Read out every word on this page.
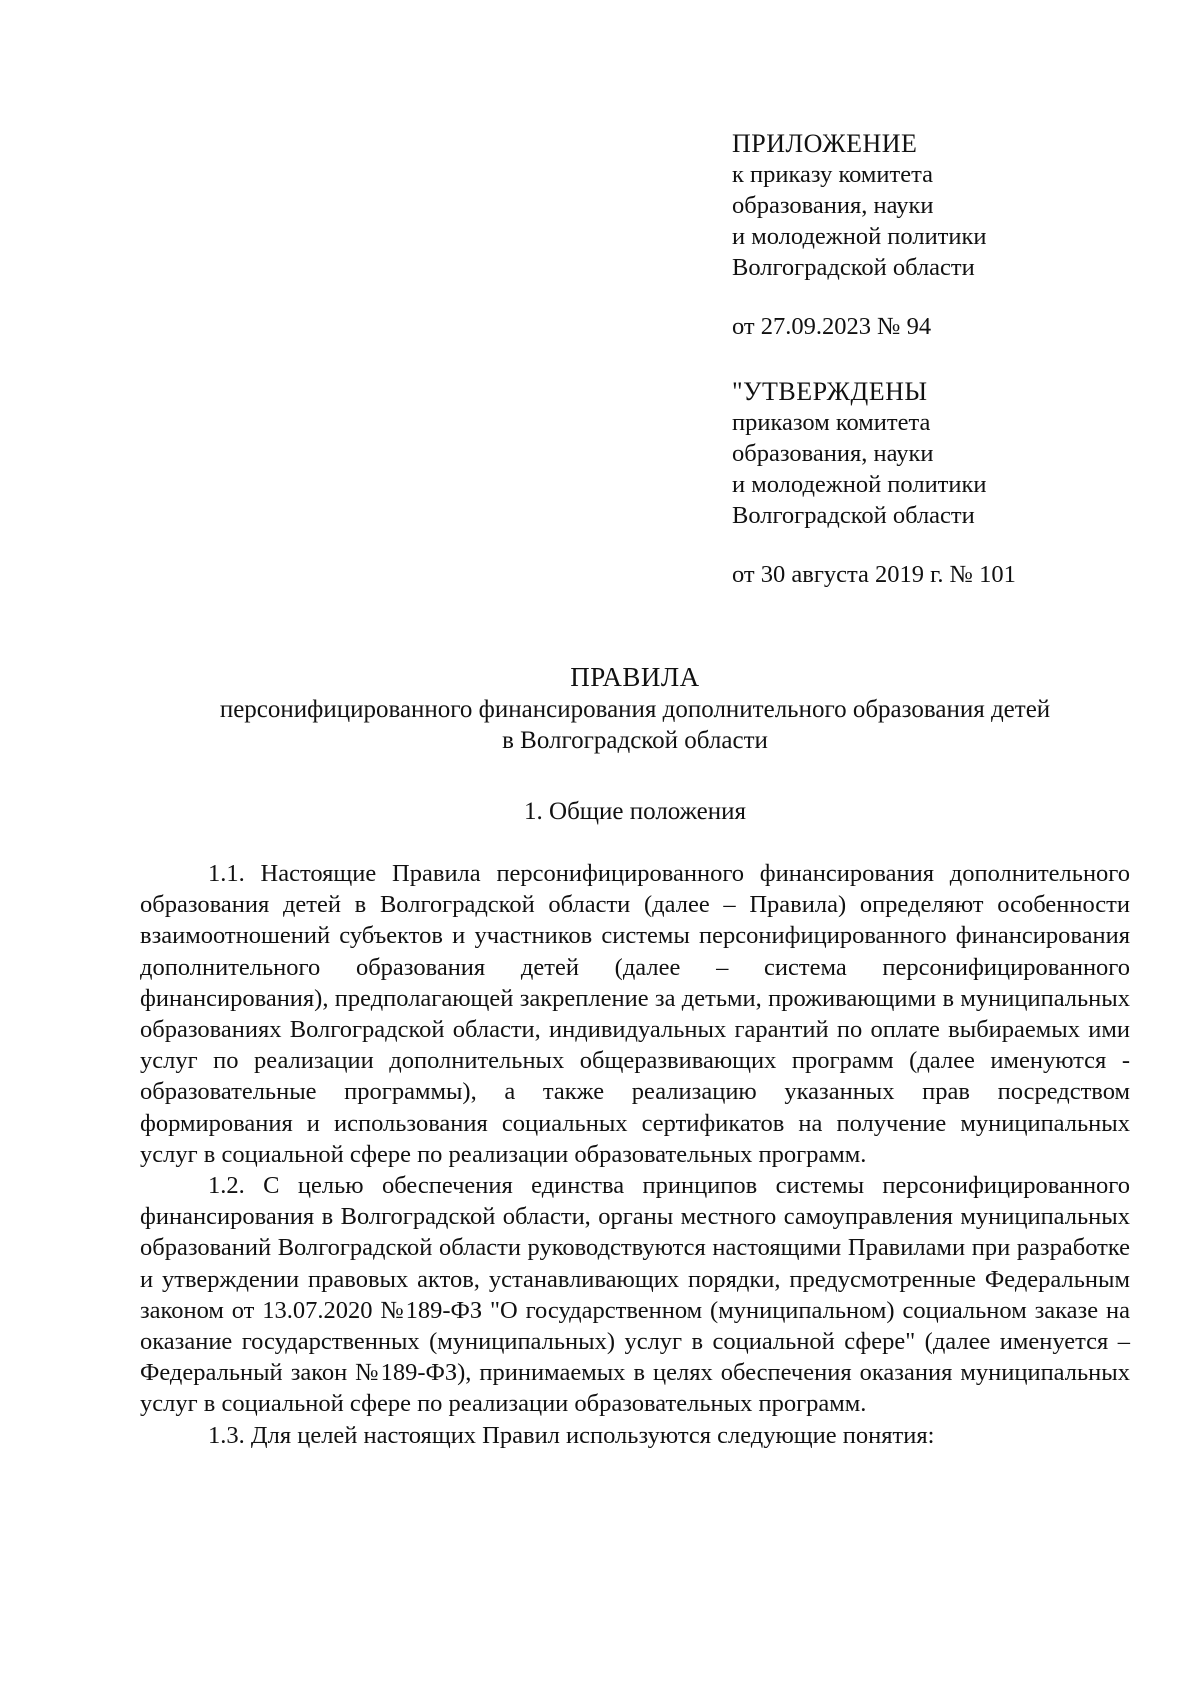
ПРИЛОЖЕНИЕ
к приказу комитета
образования, науки
и молодежной политики
Волгоградской области
от 27.09.2023 № 94
"УТВЕРЖДЕНЫ
приказом комитета
образования, науки
и молодежной политики
Волгоградской области
от 30 августа 2019 г. № 101
ПРАВИЛА
персонифицированного финансирования дополнительного образования детей
в Волгоградской области
1. Общие положения

1.1. Настоящие Правила персонифицированного финансирования дополнительного образования детей в Волгоградской области (далее – Правила) определяют особенности взаимоотношений субъектов и участников системы персонифицированного финансирования дополнительного образования детей (далее – система персонифицированного финансирования), предполагающей закрепление за детьми, проживающими в муниципальных образованиях Волгоградской области, индивидуальных гарантий по оплате выбираемых ими услуг по реализации дополнительных общеразвивающих программ (далее именуются - образовательные программы), а также реализацию указанных прав посредством формирования и использования социальных сертификатов на получение муниципальных услуг в социальной сфере по реализации образовательных программ.

1.2. С целью обеспечения единства принципов системы персонифицированного финансирования в Волгоградской области, органы местного самоуправления муниципальных образований Волгоградской области руководствуются настоящими Правилами при разработке и утверждении правовых актов, устанавливающих порядки, предусмотренные Федеральным законом от 13.07.2020 №189-ФЗ "О государственном (муниципальном) социальном заказе на оказание государственных (муниципальных) услуг в социальной сфере" (далее именуется – Федеральный закон №189-ФЗ), принимаемых в целях обеспечения оказания муниципальных услуг в социальной сфере по реализации образовательных программ.

1.3. Для целей настоящих Правил используются следующие понятия:
